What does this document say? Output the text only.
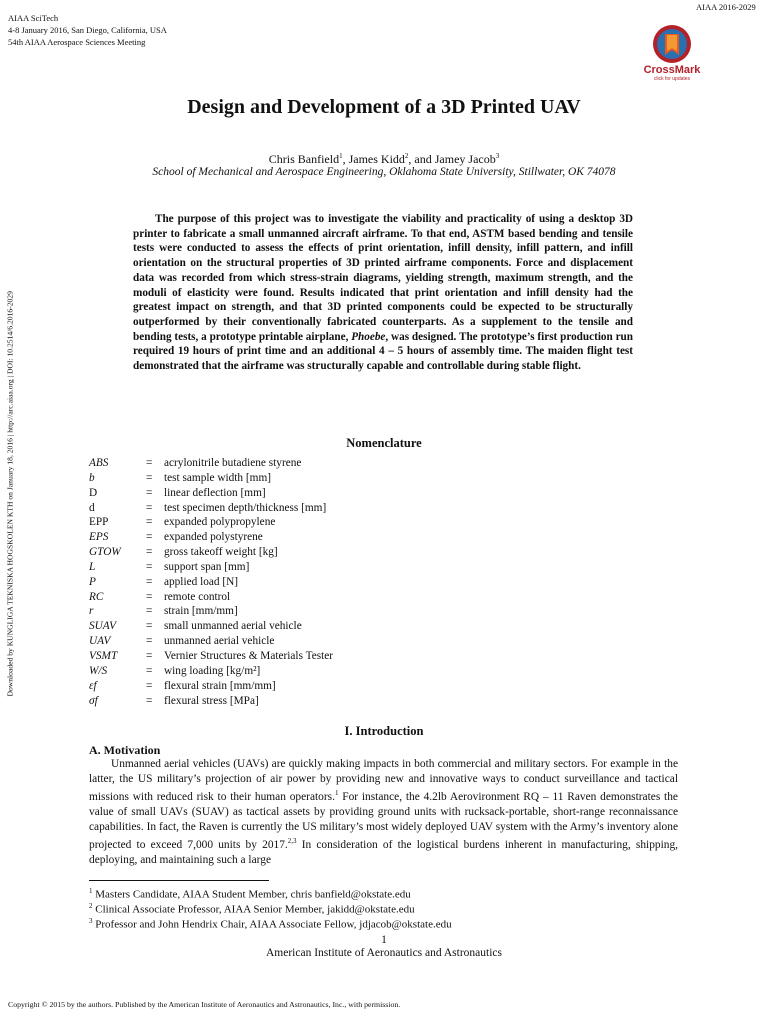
AIAA SciTech
4-8 January 2016, San Diego, California, USA
54th AIAA Aerospace Sciences Meeting
AIAA 2016-2029
CrossMark
click for updates
Downloaded by KUNGLIGA TEKNISKA HOGSKOLEN KTH on January 18, 2016 | http://arc.aiaa.org | DOI: 10.2514/6.2016-2029
Design and Development of a 3D Printed UAV
Chris Banfield$^1$, James Kidd$^2$, and Jamey Jacob$^3$
School of Mechanical and Aerospace Engineering, Oklahoma State University, Stillwater, OK 74078
The purpose of this project was to investigate the viability and practicality of using a desktop 3D printer to fabricate a small unmanned aircraft airframe. To that end, ASTM based bending and tensile tests were conducted to assess the effects of print orientation, infill density, infill pattern, and infill orientation on the structural properties of 3D printed airframe components. Force and displacement data was recorded from which stress-strain diagrams, yielding strength, maximum strength, and the moduli of elasticity were found. Results indicated that print orientation and infill density had the greatest impact on strength, and that 3D printed components could be expected to be structurally outperformed by their conventionally fabricated counterparts. As a supplement to the tensile and bending tests, a prototype printable airplane, Phoebe, was designed. The prototype’s first production run required 19 hours of print time and an additional 4 – 5 hours of assembly time. The maiden flight test demonstrated that the airframe was structurally capable and controllable during stable flight.
Nomenclature
ABS	=	acrylonitrile butadiene styrene
b	=	test sample width [mm]
D	=	linear deflection [mm]
d	=	test specimen depth/thickness [mm]
EPP	=	expanded polypropylene
EPS	=	expanded polystyrene
GTOW	=	gross takeoff weight [kg]
L	=	support span [mm]
P	=	applied load [N]
RC	=	remote control
r	=	strain [mm/mm]
SUAV	=	small unmanned aerial vehicle
UAV	=	unmanned aerial vehicle
VSMT	=	Vernier Structures & Materials Tester
W/S	=	wing loading [kg/m²]
εf	=	flexural strain [mm/mm]
σf	=	flexural stress [MPa]
I. Introduction
A. Motivation
Unmanned aerial vehicles (UAVs) are quickly making impacts in both commercial and military sectors. For example in the latter, the US military’s projection of air power by providing new and innovative ways to conduct surveillance and tactical missions with reduced risk to their human operators.$^1$ For instance, the 4.2lb Aerovironment RQ – 11 Raven demonstrates the value of small UAVs (SUAV) as tactical assets by providing ground units with rucksack-portable, short-range reconnaissance capabilities. In fact, the Raven is currently the US military’s most widely deployed UAV system with the Army’s inventory alone projected to exceed 7,000 units by 2017.$^{2,3}$ In consideration of the logistical burdens inherent in manufacturing, shipping, deploying, and maintaining such a large
$^1$ Masters Candidate, AIAA Student Member, chris banfield@okstate.edu
$^2$ Clinical Associate Professor, AIAA Senior Member, jakidd@okstate.edu
$^3$ Professor and John Hendrix Chair, AIAA Associate Fellow, jdjacob@okstate.edu
1
American Institute of Aeronautics and Astronautics
Copyright © 2015 by the authors. Published by the American Institute of Aeronautics and Astronautics, Inc., with permission.
